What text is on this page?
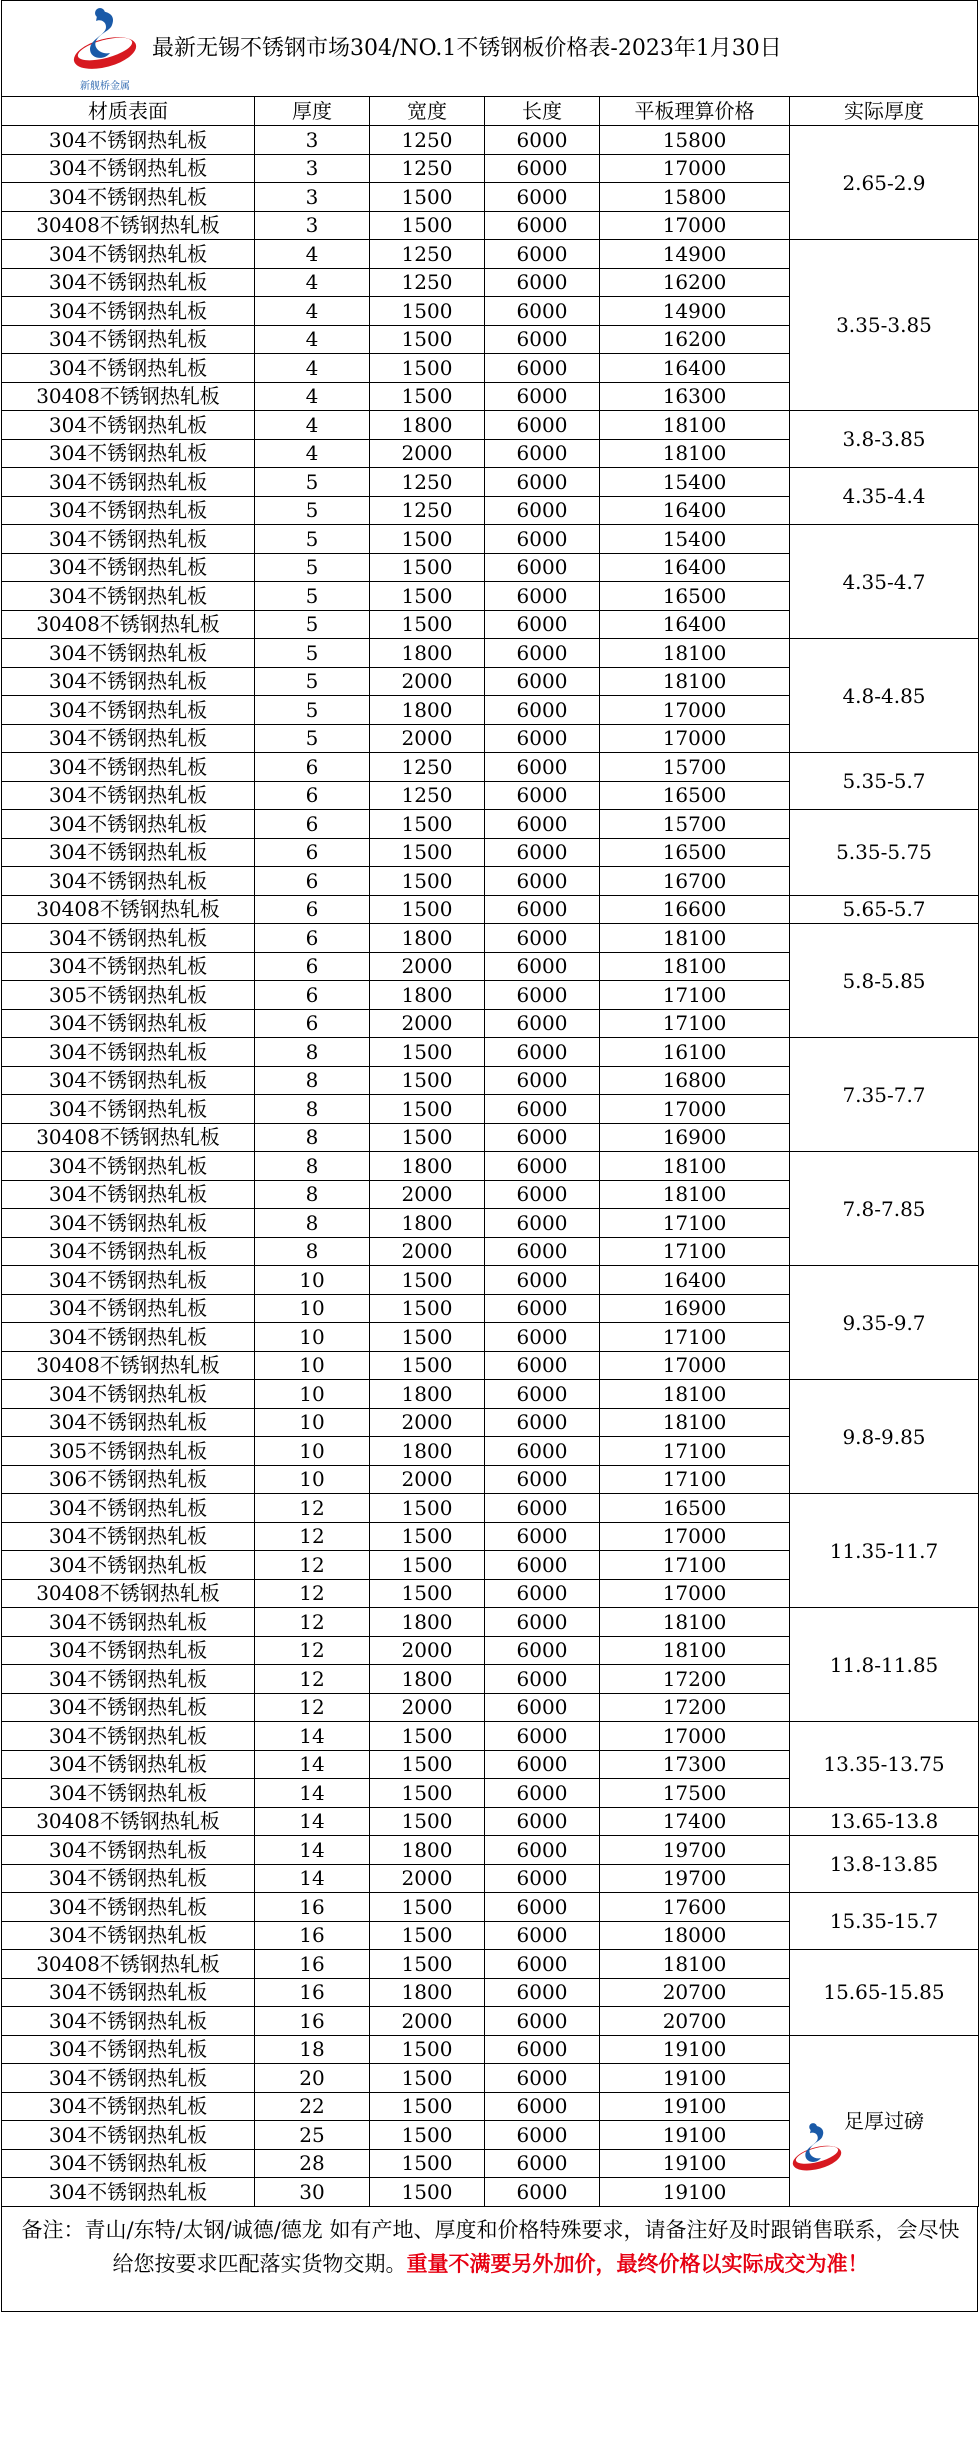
新舰桥金属
最新无锡不锈钢市场304/NO.1不锈钢板价格表-2023年1月30日
材质表面	厚度	宽度	长度	平板理算价格	实际厚度
304不锈钢热轧板	3	1250	6000	15800	2.65-2.9
304不锈钢热轧板	3	1250	6000	17000	
304不锈钢热轧板	3	1500	6000	15800	
30408不锈钢热轧板	3	1500	6000	17000	
304不锈钢热轧板	4	1250	6000	14900	3.35-3.85
304不锈钢热轧板	4	1250	6000	16200	
304不锈钢热轧板	4	1500	6000	14900	
304不锈钢热轧板	4	1500	6000	16200	
304不锈钢热轧板	4	1500	6000	16400	
30408不锈钢热轧板	4	1500	6000	16300	
304不锈钢热轧板	4	1800	6000	18100	3.8-3.85
304不锈钢热轧板	4	2000	6000	18100	
304不锈钢热轧板	5	1250	6000	15400	4.35-4.4
304不锈钢热轧板	5	1250	6000	16400	
304不锈钢热轧板	5	1500	6000	15400	4.35-4.7
304不锈钢热轧板	5	1500	6000	16400	
304不锈钢热轧板	5	1500	6000	16500	
30408不锈钢热轧板	5	1500	6000	16400	
304不锈钢热轧板	5	1800	6000	18100	4.8-4.85
304不锈钢热轧板	5	2000	6000	18100	
304不锈钢热轧板	5	1800	6000	17000	
304不锈钢热轧板	5	2000	6000	17000	
304不锈钢热轧板	6	1250	6000	15700	5.35-5.7
304不锈钢热轧板	6	1250	6000	16500	
304不锈钢热轧板	6	1500	6000	15700	5.35-5.75
304不锈钢热轧板	6	1500	6000	16500	
304不锈钢热轧板	6	1500	6000	16700	
30408不锈钢热轧板	6	1500	6000	16600	5.65-5.7
304不锈钢热轧板	6	1800	6000	18100	5.8-5.85
304不锈钢热轧板	6	2000	6000	18100	
305不锈钢热轧板	6	1800	6000	17100	
304不锈钢热轧板	6	2000	6000	17100	
304不锈钢热轧板	8	1500	6000	16100	7.35-7.7
304不锈钢热轧板	8	1500	6000	16800	
304不锈钢热轧板	8	1500	6000	17000	
30408不锈钢热轧板	8	1500	6000	16900	
304不锈钢热轧板	8	1800	6000	18100	7.8-7.85
304不锈钢热轧板	8	2000	6000	18100	
304不锈钢热轧板	8	1800	6000	17100	
304不锈钢热轧板	8	2000	6000	17100	
304不锈钢热轧板	10	1500	6000	16400	9.35-9.7
304不锈钢热轧板	10	1500	6000	16900	
304不锈钢热轧板	10	1500	6000	17100	
30408不锈钢热轧板	10	1500	6000	17000	
304不锈钢热轧板	10	1800	6000	18100	9.8-9.85
304不锈钢热轧板	10	2000	6000	18100	
305不锈钢热轧板	10	1800	6000	17100	
306不锈钢热轧板	10	2000	6000	17100	
304不锈钢热轧板	12	1500	6000	16500	11.35-11.7
304不锈钢热轧板	12	1500	6000	17000	
304不锈钢热轧板	12	1500	6000	17100	
30408不锈钢热轧板	12	1500	6000	17000	
304不锈钢热轧板	12	1800	6000	18100	11.8-11.85
304不锈钢热轧板	12	2000	6000	18100	
304不锈钢热轧板	12	1800	6000	17200	
304不锈钢热轧板	12	2000	6000	17200	
304不锈钢热轧板	14	1500	6000	17000	13.35-13.75
304不锈钢热轧板	14	1500	6000	17300	
304不锈钢热轧板	14	1500	6000	17500	
30408不锈钢热轧板	14	1500	6000	17400	13.65-13.8
304不锈钢热轧板	14	1800	6000	19700	13.8-13.85
304不锈钢热轧板	14	2000	6000	19700	
304不锈钢热轧板	16	1500	6000	17600	15.35-15.7
304不锈钢热轧板	16	1500	6000	18000	
30408不锈钢热轧板	16	1500	6000	18100	15.65-15.85
304不锈钢热轧板	16	1800	6000	20700	
304不锈钢热轧板	16	2000	6000	20700	
304不锈钢热轧板	18	1500	6000	19100	足厚过磅

304不锈钢热轧板	20	1500	6000	19100	
304不锈钢热轧板	22	1500	6000	19100	
304不锈钢热轧板	25	1500	6000	19100	
304不锈钢热轧板	28	1500	6000	19100	
304不锈钢热轧板	30	1500	6000	19100	
备注：青山/东特/太钢/诚德/德龙 如有产地、厚度和价格特殊要求，请备注好及时跟销售联系，会尽快给您按要求匹配落实货物交期。重量不满要另外加价，最终价格以实际成交为准！
